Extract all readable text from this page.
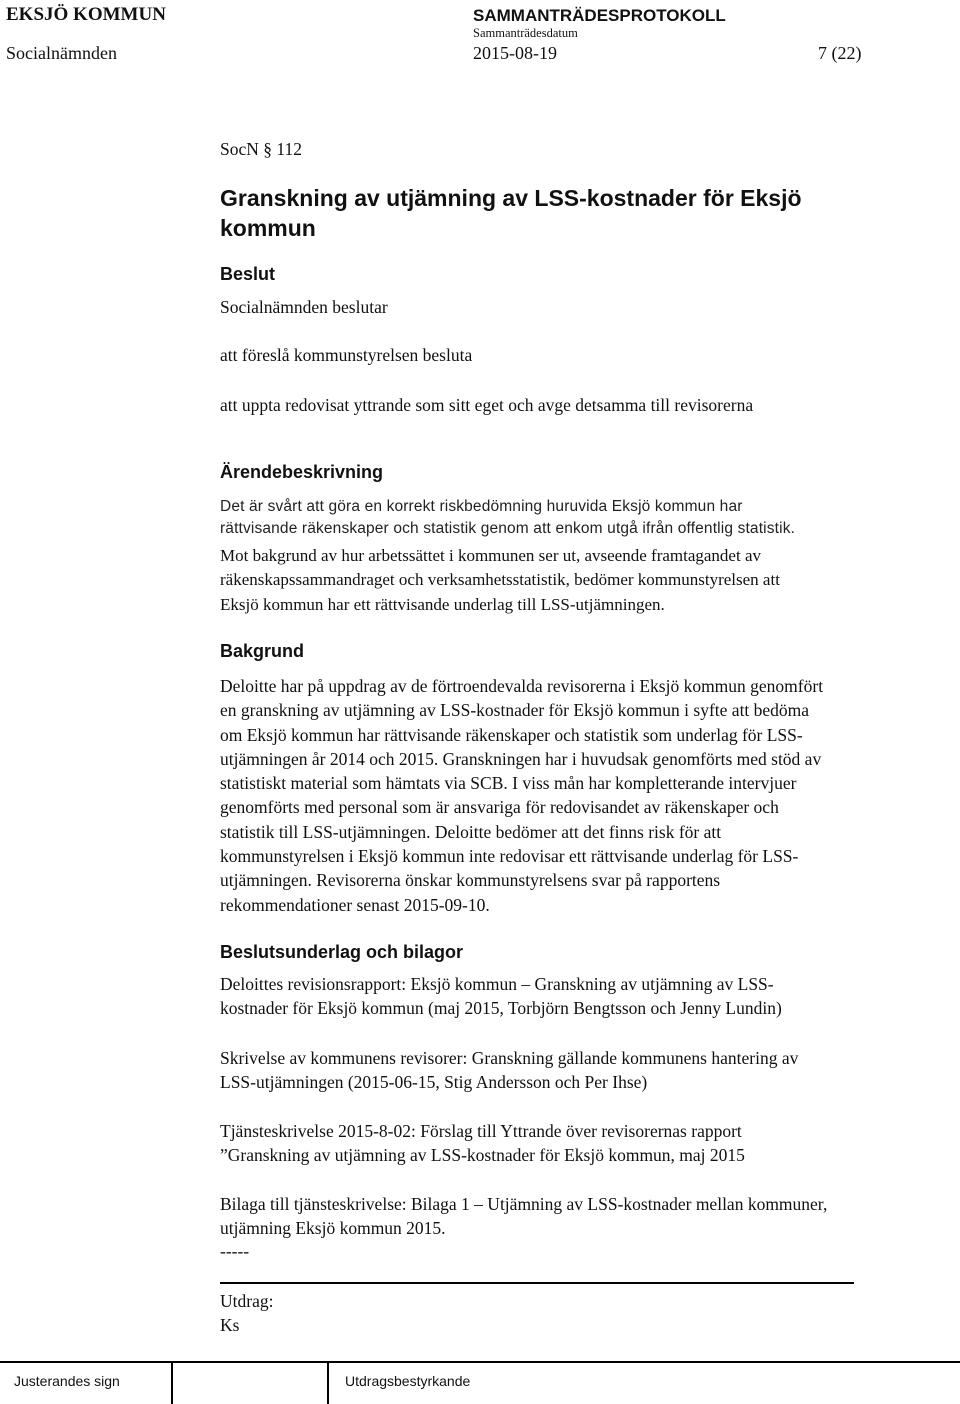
EKSJÖ KOMMUN
Socialnämnden
SAMMANTRÄDESPROTOKOLL
Sammanträdesdatum
2015-08-19	7 (22)
SocN § 112
Granskning av utjämning av LSS-kostnader för Eksjö
kommun
Beslut
Socialnämnden beslutar
att föreslå kommunstyrelsen besluta
att uppta redovisat yttrande som sitt eget och avge detsamma till revisorerna
Ärendebeskrivning
Det är svårt att göra en korrekt riskbedömning huruvida Eksjö kommun har
rättvisande räkenskaper och statistik genom att enkom utgå ifrån offentlig statistik.
Mot bakgrund av hur arbetssättet i kommunen ser ut, avseende framtagandet av
räkenskapssammandraget och verksamhetsstatistik, bedömer kommunstyrelsen att
Eksjö kommun har ett rättvisande underlag till LSS-utjämningen.
Bakgrund
Deloitte har på uppdrag av de förtroendevalda revisorerna i Eksjö kommun genomfört
en granskning av utjämning av LSS-kostnader för Eksjö kommun i syfte att bedöma
om Eksjö kommun har rättvisande räkenskaper och statistik som underlag för LSS-
utjämningen år 2014 och 2015. Granskningen har i huvudsak genomförts med stöd av
statistiskt material som hämtats via SCB. I viss mån har kompletterande intervjuer
genomförts med personal som är ansvariga för redovisandet av räkenskaper och
statistik till LSS-utjämningen. Deloitte bedömer att det finns risk för att
kommunstyrelsen i Eksjö kommun inte redovisar ett rättvisande underlag för LSS-
utjämningen. Revisorerna önskar kommunstyrelsens svar på rapportens
rekommendationer senast 2015-09-10.
Beslutsunderlag och bilagor
Deloittes revisionsrapport: Eksjö kommun – Granskning av utjämning av LSS-
kostnader för Eksjö kommun (maj 2015, Torbjörn Bengtsson och Jenny Lundin)
Skrivelse av kommunens revisorer: Granskning gällande kommunens hantering av
LSS-utjämningen (2015-06-15, Stig Andersson och Per Ihse)
Tjänsteskrivelse 2015-8-02: Förslag till Yttrande över revisorernas rapport
”Granskning av utjämning av LSS-kostnader för Eksjö kommun, maj 2015
Bilaga till tjänsteskrivelse: Bilaga 1 – Utjämning av LSS-kostnader mellan kommuner,
utjämning Eksjö kommun 2015.
-----
Utdrag:
Ks
Justerandes sign	Utdragsbestyrkande
